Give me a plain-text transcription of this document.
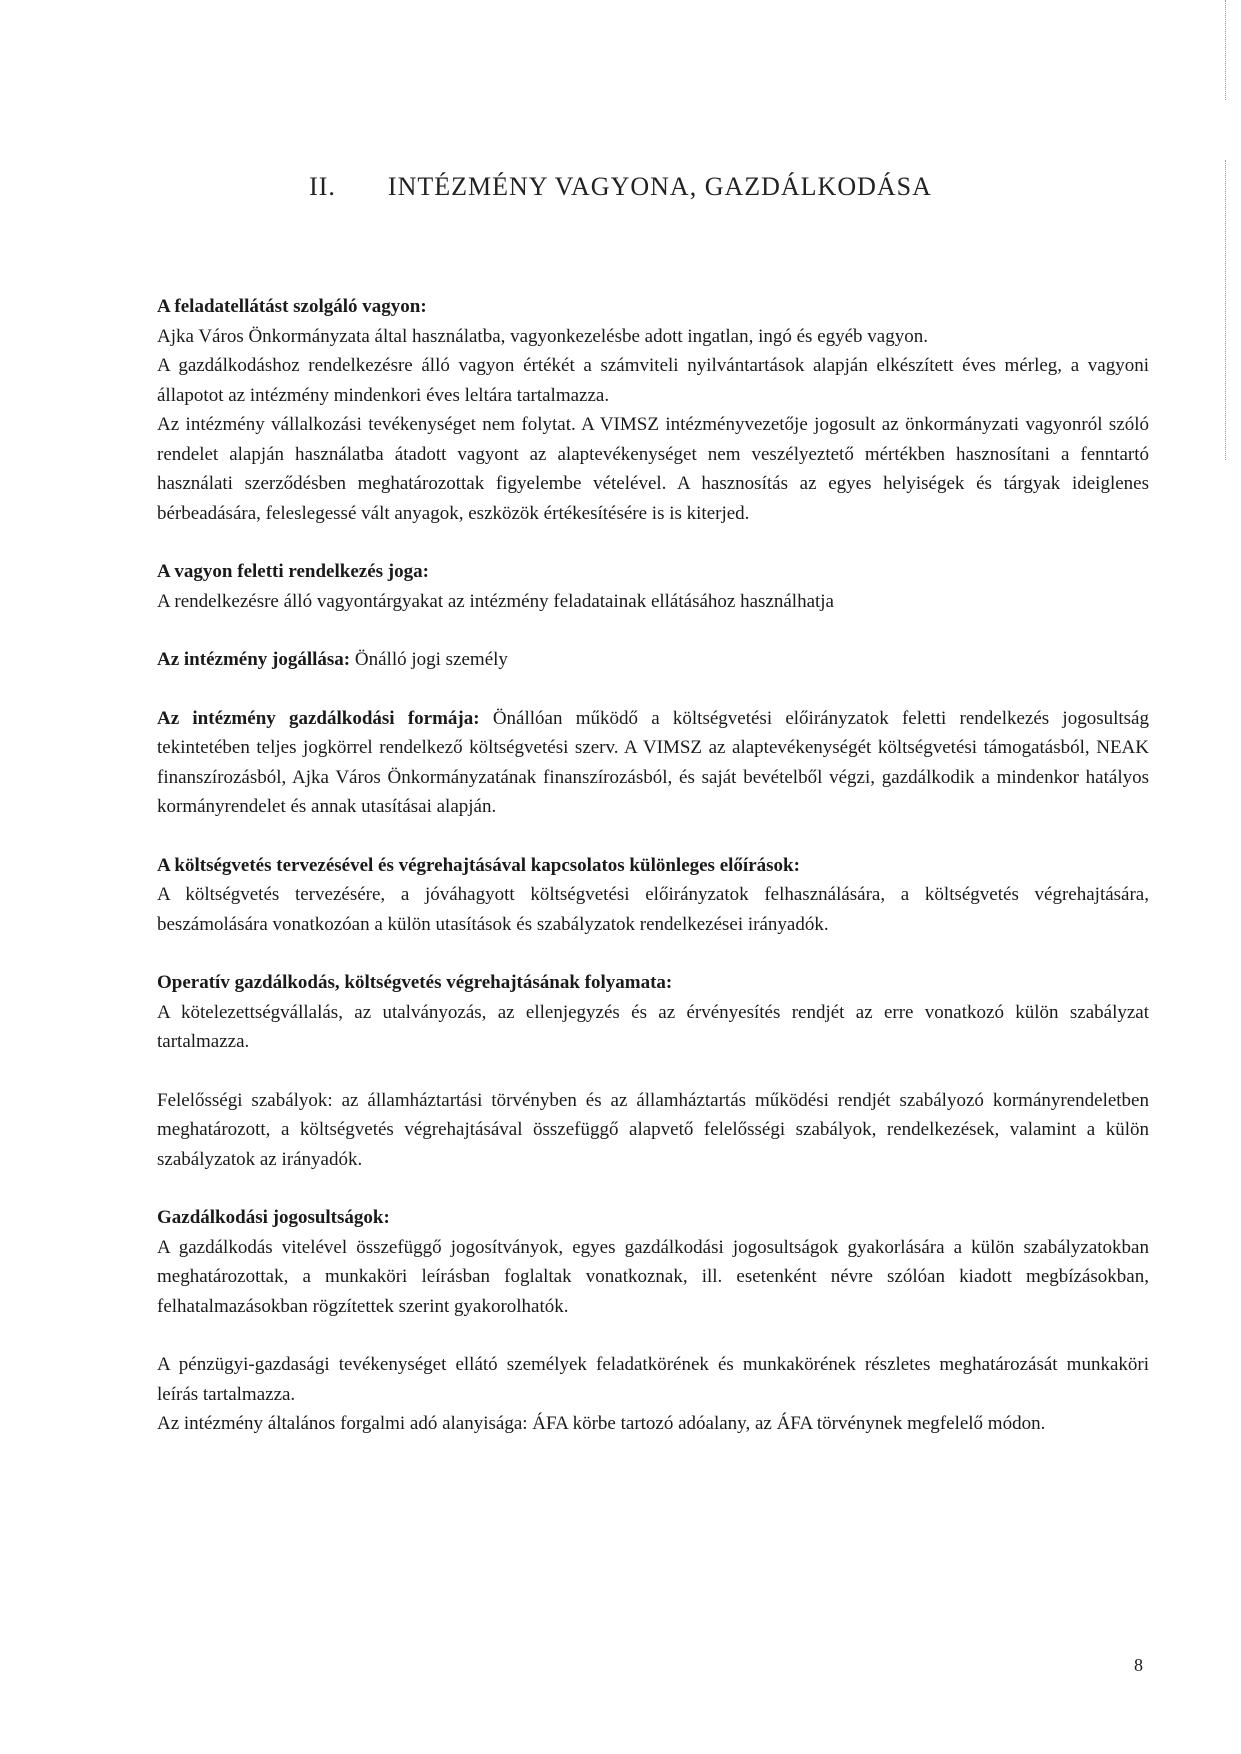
II. INTÉZMÉNY VAGYONA, GAZDÁLKODÁSA

A feladatellátást szolgáló vagyon:

Ajka Város Önkormányzata által használatba, vagyonkezelésbe adott ingatlan, ingó és egyéb vagyon.

A gazdálkodáshoz rendelkezésre álló vagyon értékét a számviteli nyilvántartások alapján elkészített éves mérleg, a vagyoni állapotot az intézmény mindenkori éves leltára tartalmazza.

Az intézmény vállalkozási tevékenységet nem folytat. A VIMSZ intézményvezetője jogosult az önkormányzati vagyonról szóló rendelet alapján használatba átadott vagyont az alaptevékenységet nem veszélyeztető mértékben hasznosítani a fenntartó használati szerződésben meghatározottak figyelembe vételével. A hasznosítás az egyes helyiségek és tárgyak ideiglenes bérbeadására, feleslegessé vált anyagok, eszközök értékesítésére is is kiterjed.

A vagyon feletti rendelkezés joga:

A rendelkezésre álló vagyontárgyakat az intézmény feladatainak ellátásához használhatja

Az intézmény jogállása: Önálló jogi személy

Az intézmény gazdálkodási formája: Önállóan működő a költségvetési előirányzatok feletti rendelkezés jogosultság tekintetében teljes jogkörrel rendelkező költségvetési szerv. A VIMSZ az alaptevékenységét költségvetési támogatásból, NEAK finanszírozásból, Ajka Város Önkormányzatának finanszírozásból, és saját bevételből végzi, gazdálkodik a mindenkor hatályos kormányrendelet és annak utasításai alapján.

A költségvetés tervezésével és végrehajtásával kapcsolatos különleges előírások:

A költségvetés tervezésére, a jóváhagyott költségvetési előirányzatok felhasználására, a költségvetés végrehajtására, beszámolására vonatkozóan a külön utasítások és szabályzatok rendelkezései irányadók.

Operatív gazdálkodás, költségvetés végrehajtásának folyamata:

A kötelezettségvállalás, az utalványozás, az ellenjegyzés és az érvényesítés rendjét az erre vonatkozó külön szabályzat tartalmazza.

Felelősségi szabályok: az államháztartási törvényben és az államháztartás működési rendjét szabályozó kormányrendeletben meghatározott, a költségvetés végrehajtásával összefüggő alapvető felelősségi szabályok, rendelkezések, valamint a külön szabályzatok az irányadók.

Gazdálkodási jogosultságok:

A gazdálkodás vitelével összefüggő jogosítványok, egyes gazdálkodási jogosultságok gyakorlására a külön szabályzatokban meghatározottak, a munkaköri leírásban foglaltak vonatkoznak, ill. esetenként névre szólóan kiadott megbízásokban, felhatalmazásokban rögzítettek szerint gyakorolhatók.

A pénzügyi-gazdasági tevékenységet ellátó személyek feladatkörének és munkakörének részletes meghatározását munkaköri leírás tartalmazza.

Az intézmény általános forgalmi adó alanyisága: ÁFA körbe tartozó adóalany, az ÁFA törvénynek megfelelő módon.

8
